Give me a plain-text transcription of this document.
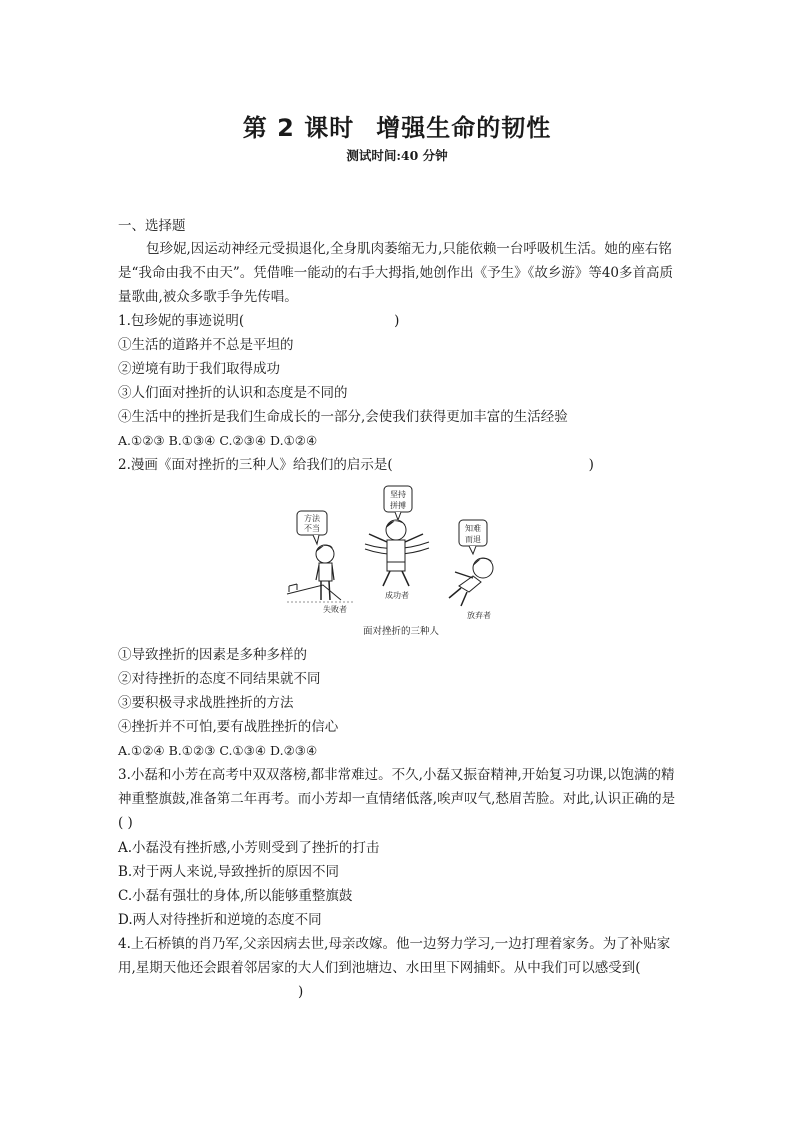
第 2 课时 增强生命的韧性
测试时间:40 分钟
一、选择题
包珍妮,因运动神经元受损退化,全身肌肉萎缩无力,只能依赖一台呼吸机生活。她的座右铭是“我命由我不由天”。凭借唯一能动的右手大拇指,她创作出《予生》《故乡游》等40多首高质量歌曲,被众多歌手争先传唱。
1.包珍妮的事迹说明(	)
①生活的道路并不总是平坦的
②逆境有助于我们取得成功
③人们面对挫折的认识和态度是不同的
④生活中的挫折是我们生命成长的一部分,会使我们获得更加丰富的生活经验
A.①②③ B.①③④ C.②③④ D.①②④
2.漫画《面对挫折的三种人》给我们的启示是(	)
方法
不当
失败者
坚持
拼搏
成功者
知难
而退
放弃者
面对挫折的三种人
①导致挫折的因素是多种多样的
②对待挫折的态度不同结果就不同
③要积极寻求战胜挫折的方法
④挫折并不可怕,要有战胜挫折的信心
A.①②④ B.①②③ C.①③④ D.②③④
3.小磊和小芳在高考中双双落榜,都非常难过。不久,小磊又振奋精神,开始复习功课,以饱满的精神重整旗鼓,准备第二年再考。而小芳却一直情绪低落,唉声叹气,愁眉苦脸。对此,认识正确的是( )
A.小磊没有挫折感,小芳则受到了挫折的打击
B.对于两人来说,导致挫折的原因不同
C.小磊有强壮的身体,所以能够重整旗鼓
D.两人对待挫折和逆境的态度不同
4.上石桥镇的肖乃军,父亲因病去世,母亲改嫁。他一边努力学习,一边打理着家务。为了补贴家用,星期天他还会跟着邻居家的大人们到池塘边、水田里下网捕虾。从中我们可以感受到()
